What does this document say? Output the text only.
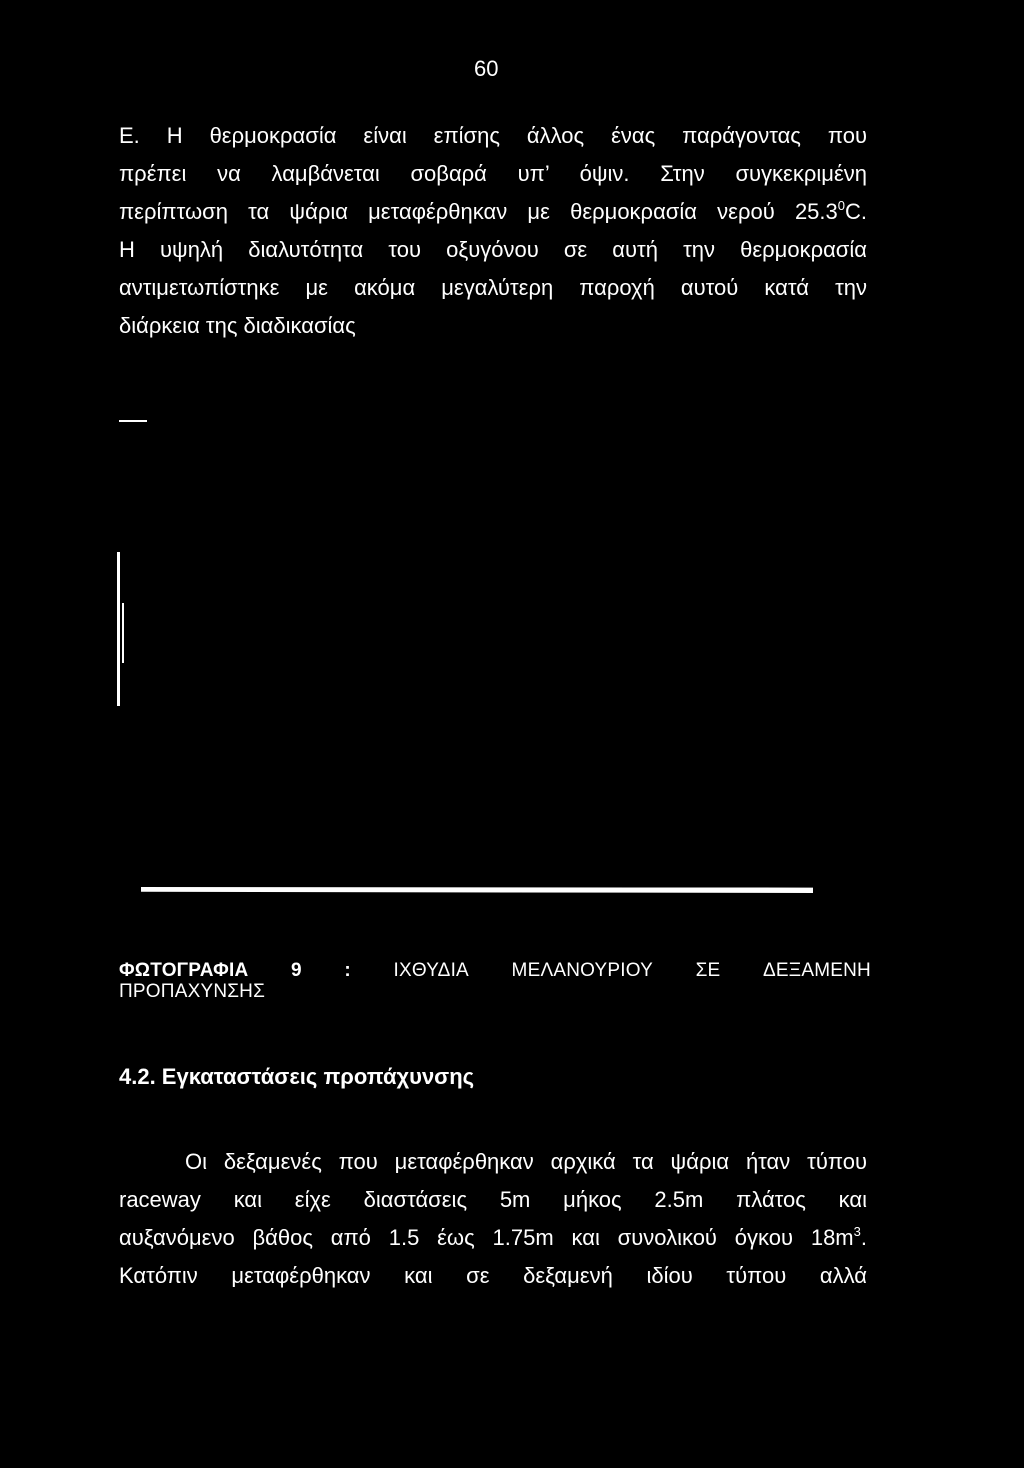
60
Ε. Η θερμοκρασία είναι επίσης άλλος ένας παράγοντας που
πρέπει να λαμβάνεται σοβαρά υπ’ όψιν. Στην συγκεκριμένη
περίπτωση τα ψάρια μεταφέρθηκαν με θερμοκρασία νερού 25.3$^0$C.
Η υψηλή διαλυτότητα του οξυγόνου σε αυτή την θερμοκρασία
αντιμετωπίστηκε με ακόμα μεγαλύτερη παροχή αυτού κατά την
διάρκεια της διαδικασίας
ΦΩΤΟΓΡΑΦΙΑ 9 : ΙΧΘΥΔΙΑ ΜΕΛΑΝΟΥΡΙΟΥ ΣΕ ΔΕΞΑΜΕΝΗ
ΠΡΟΠΑΧΥΝΣΗΣ
4.2. Εγκαταστάσεις προπάχυνσης
Οι δεξαμενές που μεταφέρθηκαν αρχικά τα ψάρια ήταν τύπου
raceway και είχε διαστάσεις 5m μήκος 2.5m πλάτος και
αυξανόμενο βάθος από 1.5 έως 1.75m και συνολικού όγκου $18m^3$.
Κατόπιν μεταφέρθηκαν και σε δεξαμενή ιδίου τύπου αλλά
